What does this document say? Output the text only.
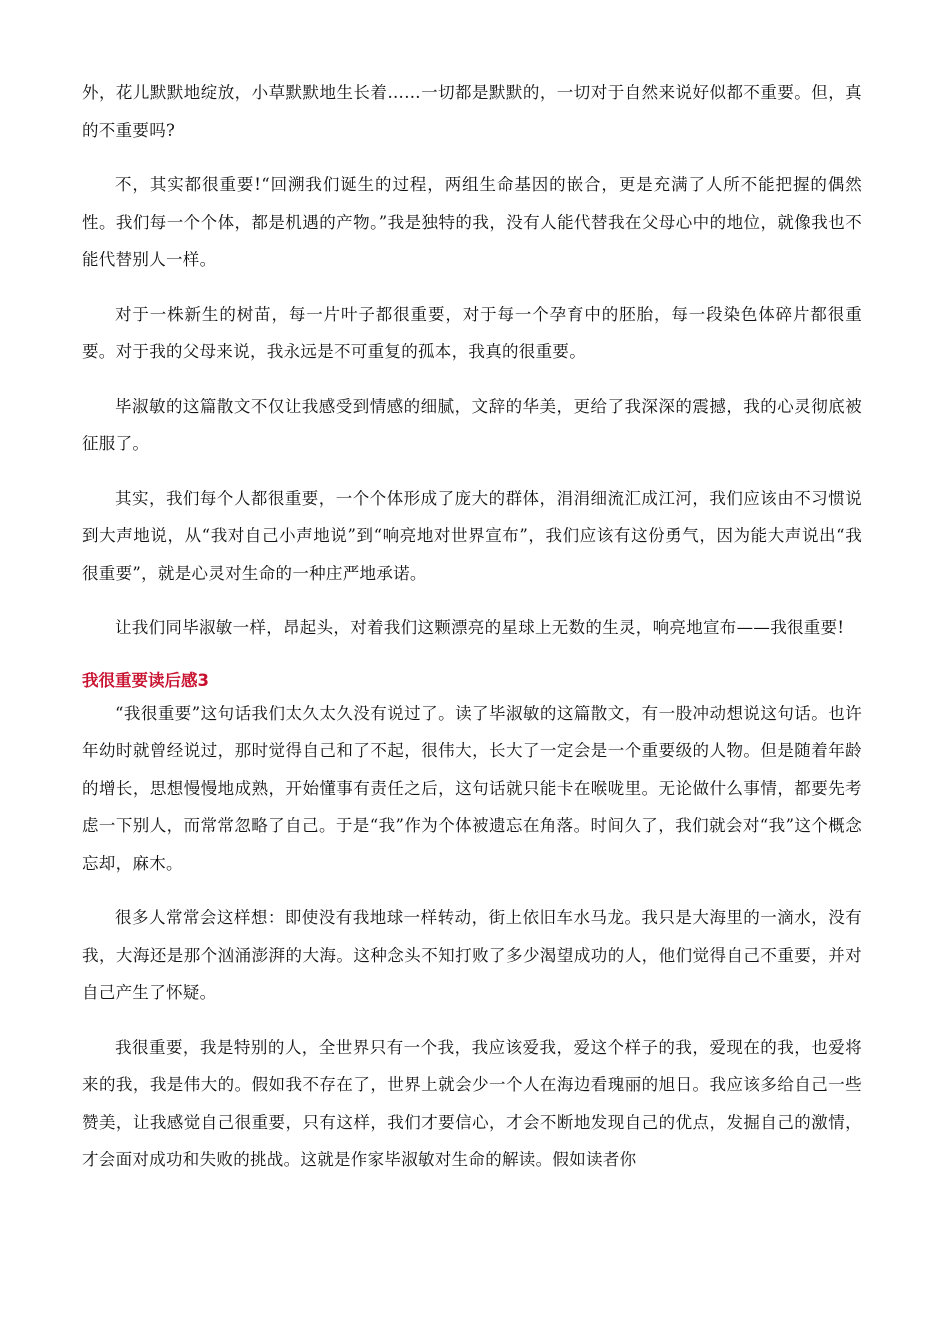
外，花儿默默地绽放，小草默默地生长着……一切都是默默的，一切对于自然来说好似都不重要。但，真的不重要吗?

不，其实都很重要!“回溯我们诞生的过程，两组生命基因的嵌合，更是充满了人所不能把握的偶然性。我们每一个个体，都是机遇的产物。”我是独特的我，没有人能代替我在父母心中的地位，就像我也不能代替别人一样。

对于一株新生的树苗，每一片叶子都很重要，对于每一个孕育中的胚胎，每一段染色体碎片都很重要。对于我的父母来说，我永远是不可重复的孤本，我真的很重要。

毕淑敏的这篇散文不仅让我感受到情感的细腻，文辞的华美，更给了我深深的震撼，我的心灵彻底被征服了。

其实，我们每个人都很重要，一个个体形成了庞大的群体，涓涓细流汇成江河，我们应该由不习惯说到大声地说，从“我对自己小声地说”到“响亮地对世界宣布”，我们应该有这份勇气，因为能大声说出“我很重要”，就是心灵对生命的一种庄严地承诺。

让我们同毕淑敏一样，昂起头，对着我们这颗漂亮的星球上无数的生灵，响亮地宣布——我很重要!

我很重要读后感3

“我很重要”这句话我们太久太久没有说过了。读了毕淑敏的这篇散文，有一股冲动想说这句话。也许年幼时就曾经说过，那时觉得自己和了不起，很伟大，长大了一定会是一个重要级的人物。但是随着年龄的增长，思想慢慢地成熟，开始懂事有责任之后，这句话就只能卡在喉咙里。无论做什么事情，都要先考虑一下别人，而常常忽略了自己。于是“我”作为个体被遗忘在角落。时间久了，我们就会对“我”这个概念忘却，麻木。

很多人常常会这样想：即使没有我地球一样转动，街上依旧车水马龙。我只是大海里的一滴水，没有我，大海还是那个汹涌澎湃的大海。这种念头不知打败了多少渴望成功的人，他们觉得自己不重要，并对自己产生了怀疑。

我很重要，我是特别的人，全世界只有一个我，我应该爱我，爱这个样子的我，爱现在的我，也爱将来的我，我是伟大的。假如我不存在了，世界上就会少一个人在海边看瑰丽的旭日。我应该多给自己一些赞美，让我感觉自己很重要，只有这样，我们才要信心，才会不断地发现自己的优点，发掘自己的激情，才会面对成功和失败的挑战。这就是作家毕淑敏对生命的解读。假如读者你
